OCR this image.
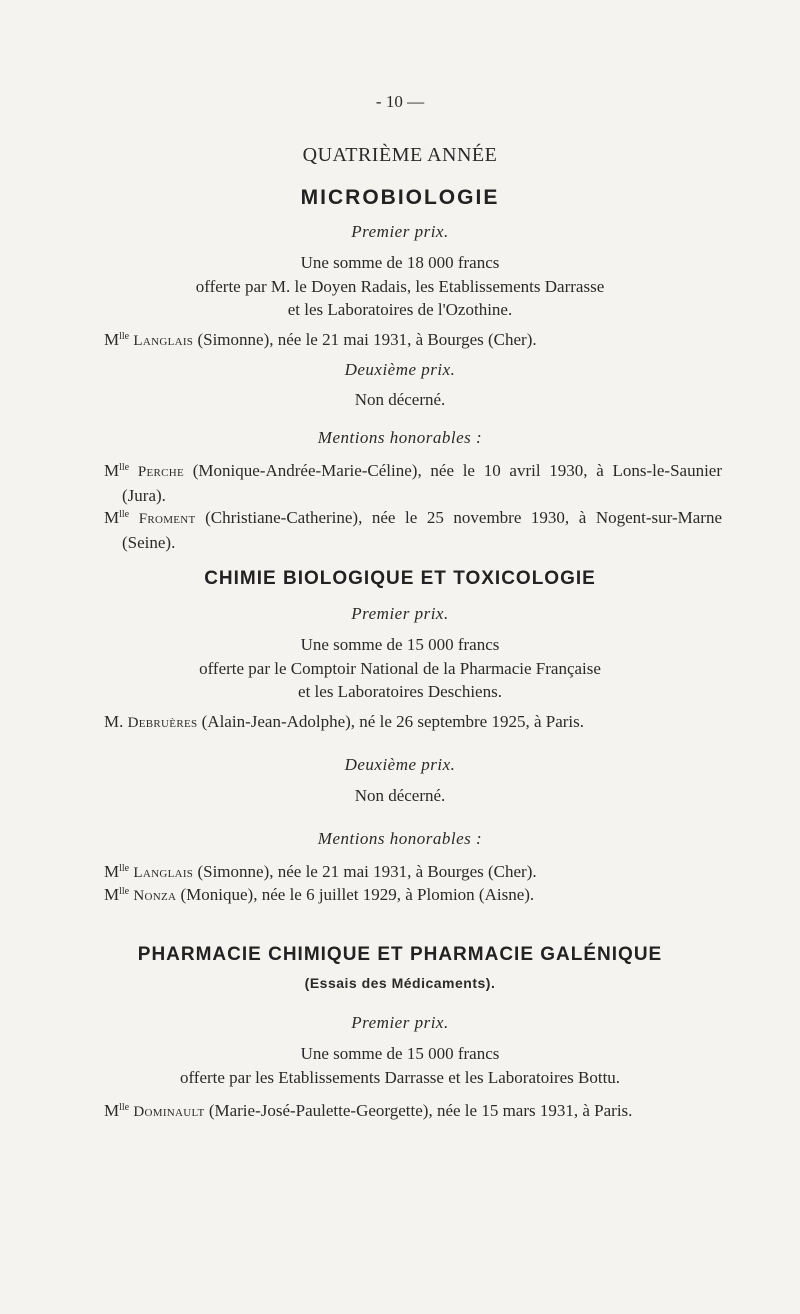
- 10 —
QUATRIÈME ANNÉE
MICROBIOLOGIE
Premier prix.
Une somme de 18 000 francs
offerte par M. le Doyen Radais, les Etablissements Darrasse
et les Laboratoires de l'Ozothine.
$M^{lle}$ Langlais (Simonne), née le 21 mai 1931, à Bourges (Cher).
Deuxième prix.
Non décerné.
Mentions honorables :
$M^{lle}$ Perche (Monique-Andrée-Marie-Céline), née le 10 avril 1930, à Lons-le-Saunier (Jura).
$M^{lle}$ Froment (Christiane-Catherine), née le 25 novembre 1930, à Nogent-sur-Marne (Seine).
CHIMIE BIOLOGIQUE ET TOXICOLOGIE
Premier prix.
Une somme de 15 000 francs
offerte par le Comptoir National de la Pharmacie Française
et les Laboratoires Deschiens.
M. Debruères (Alain-Jean-Adolphe), né le 26 septembre 1925, à Paris.
Deuxième prix.
Non décerné.
Mentions honorables :
$M^{lle}$ Langlais (Simonne), née le 21 mai 1931, à Bourges (Cher).
$M^{lle}$ Nonza (Monique), née le 6 juillet 1929, à Plomion (Aisne).
PHARMACIE CHIMIQUE ET PHARMACIE GALÉNIQUE
(Essais des Médicaments).
Premier prix.
Une somme de 15 000 francs
offerte par les Etablissements Darrasse et les Laboratoires Bottu.
$M^{lle}$ Dominault (Marie-José-Paulette-Georgette), née le 15 mars 1931, à Paris.
